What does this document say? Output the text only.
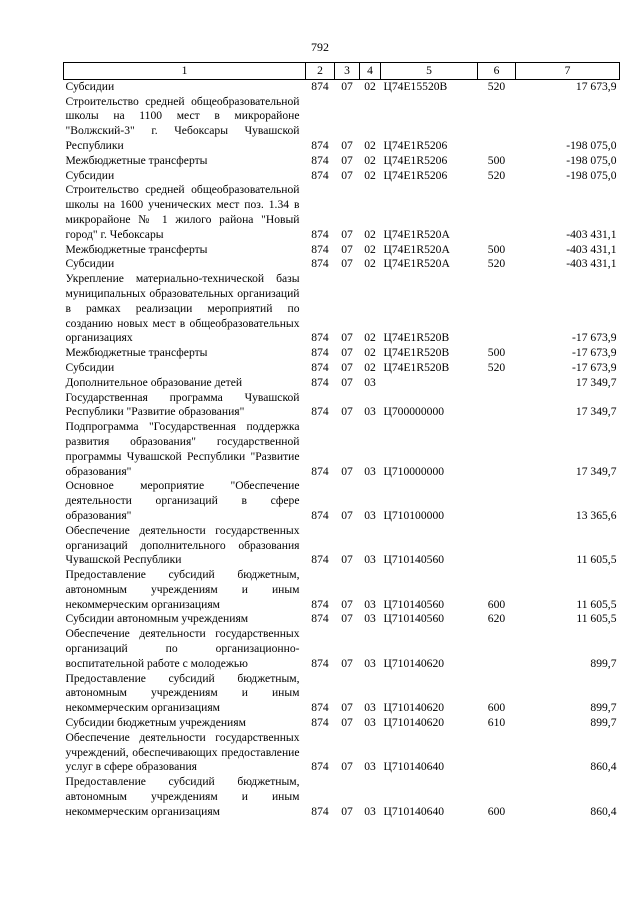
792
1	2	3	4	5	6	7
Субсидии	874	07	02	Ц74Е15520В	520	17 673,9
Строительство средней общеобразовательной школы на 1100 мест в микрорайоне "Волжский-3" г. Чебоксары Чувашской Республики	874	07	02	Ц74Е1R5206		-198 075,0
Межбюджетные трансферты	874	07	02	Ц74Е1R5206	500	-198 075,0
Субсидии	874	07	02	Ц74Е1R5206	520	-198 075,0
Строительство средней общеобразовательной школы на 1600 ученических мест поз. 1.34 в микрорайоне № 1 жилого района "Новый город" г. Чебоксары	874	07	02	Ц74Е1R520А		-403 431,1
Межбюджетные трансферты	874	07	02	Ц74Е1R520А	500	-403 431,1
Субсидии	874	07	02	Ц74Е1R520А	520	-403 431,1
Укрепление материально-технической базы муниципальных образовательных организаций в рамках реализации мероприятий по созданию новых мест в общеобразовательных организациях	874	07	02	Ц74Е1R520В		-17 673,9
Межбюджетные трансферты	874	07	02	Ц74Е1R520В	500	-17 673,9
Субсидии	874	07	02	Ц74Е1R520В	520	-17 673,9
Дополнительное образование детей	874	07	03			17 349,7
Государственная программа Чувашской Республики "Развитие образования"	874	07	03	Ц700000000		17 349,7
Подпрограмма "Государственная поддержка развития образования" государственной программы Чувашской Республики "Развитие образования"	874	07	03	Ц710000000		17 349,7
Основное мероприятие "Обеспечение деятельности организаций в сфере образования"	874	07	03	Ц710100000		13 365,6
Обеспечение деятельности государственных организаций дополнительного образования Чувашской Республики	874	07	03	Ц710140560		11 605,5
Предоставление субсидий бюджетным, автономным учреждениям и иным некоммерческим организациям	874	07	03	Ц710140560	600	11 605,5
Субсидии автономным учреждениям	874	07	03	Ц710140560	620	11 605,5
Обеспечение деятельности государственных организаций по организационно-воспитательной работе с молодежью	874	07	03	Ц710140620		899,7
Предоставление субсидий бюджетным, автономным учреждениям и иным некоммерческим организациям	874	07	03	Ц710140620	600	899,7
Субсидии бюджетным учреждениям	874	07	03	Ц710140620	610	899,7
Обеспечение деятельности государственных учреждений, обеспечивающих предоставление услуг в сфере образования	874	07	03	Ц710140640		860,4
Предоставление субсидий бюджетным, автономным учреждениям и иным некоммерческим организациям	874	07	03	Ц710140640	600	860,4
